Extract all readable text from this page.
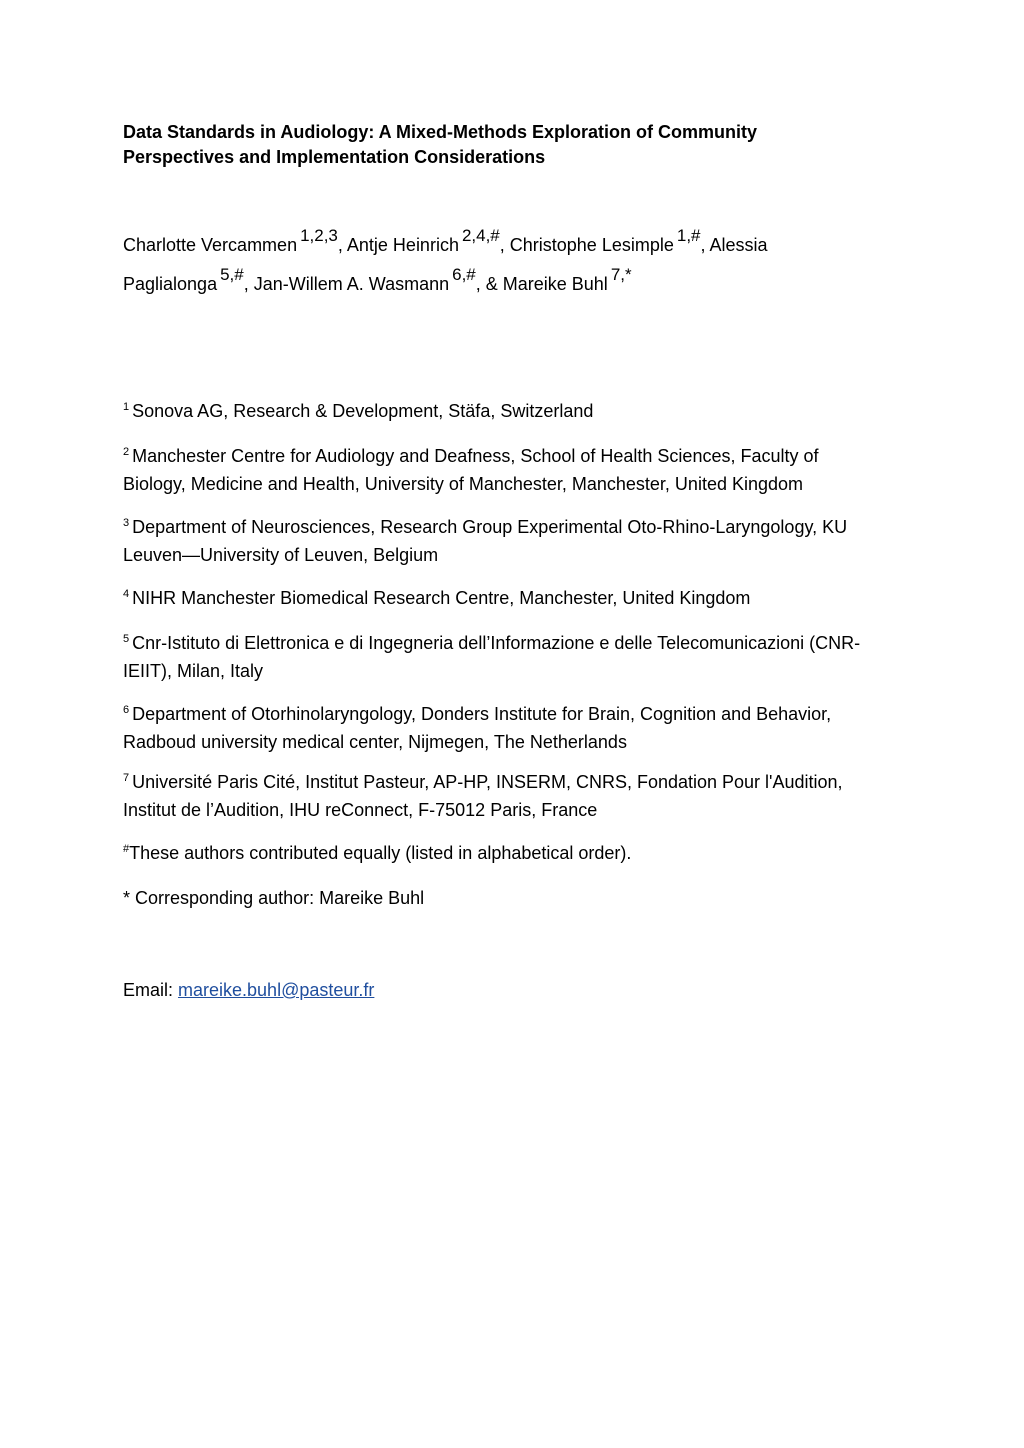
Data Standards in Audiology: A Mixed-Methods Exploration of Community
Perspectives and Implementation Considerations
Charlotte Vercammen 1,2,3, Antje Heinrich 2,4,#, Christophe Lesimple 1,#, Alessia
Paglialonga 5,#, Jan-Willem A. Wasmann 6,#, & Mareike Buhl 7,*

$^1$ Sonova AG, Research & Development, Stäfa, Switzerland

$^2$ Manchester Centre for Audiology and Deafness, School of Health Sciences, Faculty of
Biology, Medicine and Health, University of Manchester, Manchester, United Kingdom

$^3$ Department of Neurosciences, Research Group Experimental Oto-Rhino-Laryngology, KU
Leuven—University of Leuven, Belgium

$^4$ NIHR Manchester Biomedical Research Centre, Manchester, United Kingdom

$^5$ Cnr-Istituto di Elettronica e di Ingegneria dell’Informazione e delle Telecomunicazioni (CNR-
IEIIT), Milan, Italy

$^6$ Department of Otorhinolaryngology, Donders Institute for Brain, Cognition and Behavior,
Radboud university medical center, Nijmegen, The Netherlands

$^7$ Université Paris Cité, Institut Pasteur, AP-HP, INSERM, CNRS, Fondation Pour l'Audition,
Institut de l’Audition, IHU reConnect, F-75012 Paris, France

#These authors contributed equally (listed in alphabetical order).

* Corresponding author: Mareike Buhl

Email: mareike.buhl@pasteur.fr
